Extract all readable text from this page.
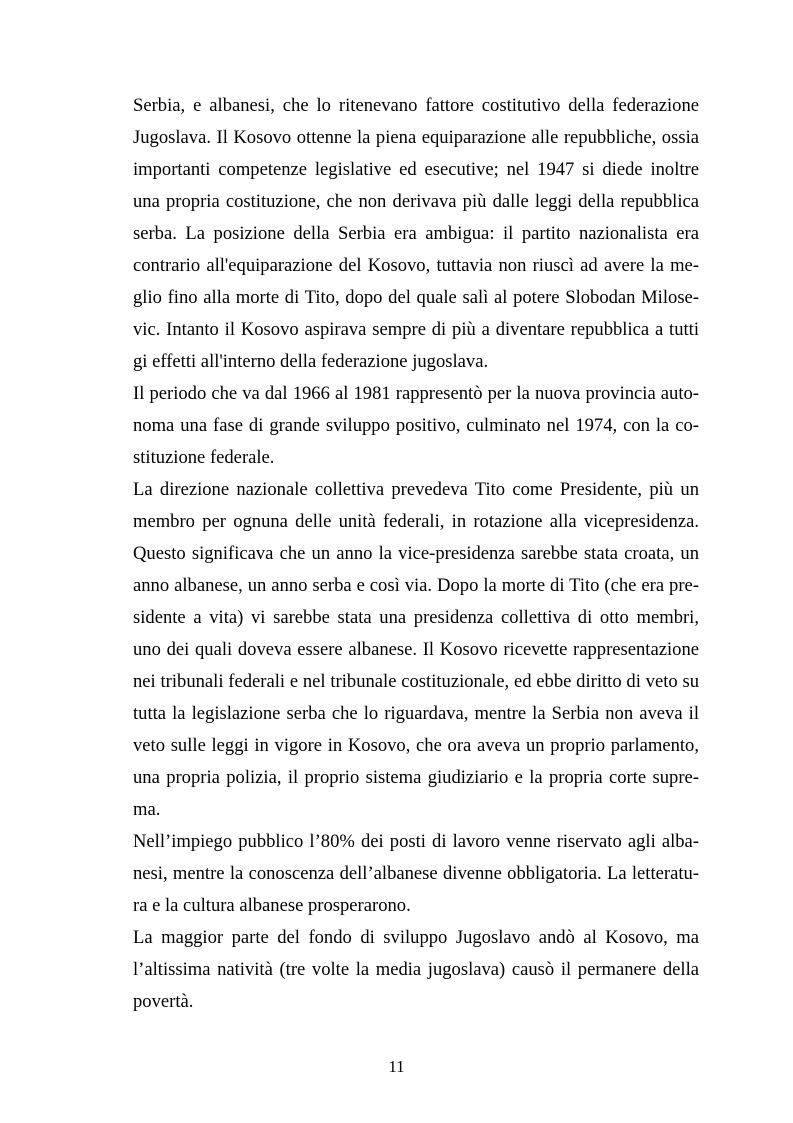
Serbia, e albanesi, che lo ritenevano fattore costitutivo della federazione
Jugoslava. Il Kosovo ottenne la piena equiparazione alle repubbliche, ossia
importanti competenze legislative ed esecutive; nel 1947 si diede inoltre
una propria costituzione, che non derivava più dalle leggi della repubblica
serba. La posizione della Serbia era ambigua: il partito nazionalista era
contrario all'equiparazione del Kosovo, tuttavia non riuscì ad avere la me-
glio fino alla morte di Tito, dopo del quale salì al potere Slobodan Milose-
vic. Intanto il Kosovo aspirava sempre di più a diventare repubblica a tutti
gi effetti all'interno della federazione jugoslava.
Il periodo che va dal 1966 al 1981 rappresentò per la nuova provincia auto-
noma una fase di grande sviluppo positivo, culminato nel 1974, con la co-
stituzione federale.
La direzione nazionale collettiva prevedeva Tito come Presidente, più un
membro per ognuna delle unità federali, in rotazione alla vicepresidenza.
Questo significava che un anno la vice-presidenza sarebbe stata croata, un
anno albanese, un anno serba e così via. Dopo la morte di Tito (che era pre-
sidente a vita) vi sarebbe stata una presidenza collettiva di otto membri,
uno dei quali doveva essere albanese. Il Kosovo ricevette rappresentazione
nei tribunali federali e nel tribunale costituzionale, ed ebbe diritto di veto su
tutta la legislazione serba che lo riguardava, mentre la Serbia non aveva il
veto sulle leggi in vigore in Kosovo, che ora aveva un proprio parlamento,
una propria polizia, il proprio sistema giudiziario e la propria corte supre-
ma.
Nell’impiego pubblico l’80% dei posti di lavoro venne riservato agli alba-
nesi, mentre la conoscenza dell’albanese divenne obbligatoria. La letteratu-
ra e la cultura albanese prosperarono.
La maggior parte del fondo di sviluppo Jugoslavo andò al Kosovo, ma
l’altissima natività (tre volte la media jugoslava) causò il permanere della
povertà.
11
